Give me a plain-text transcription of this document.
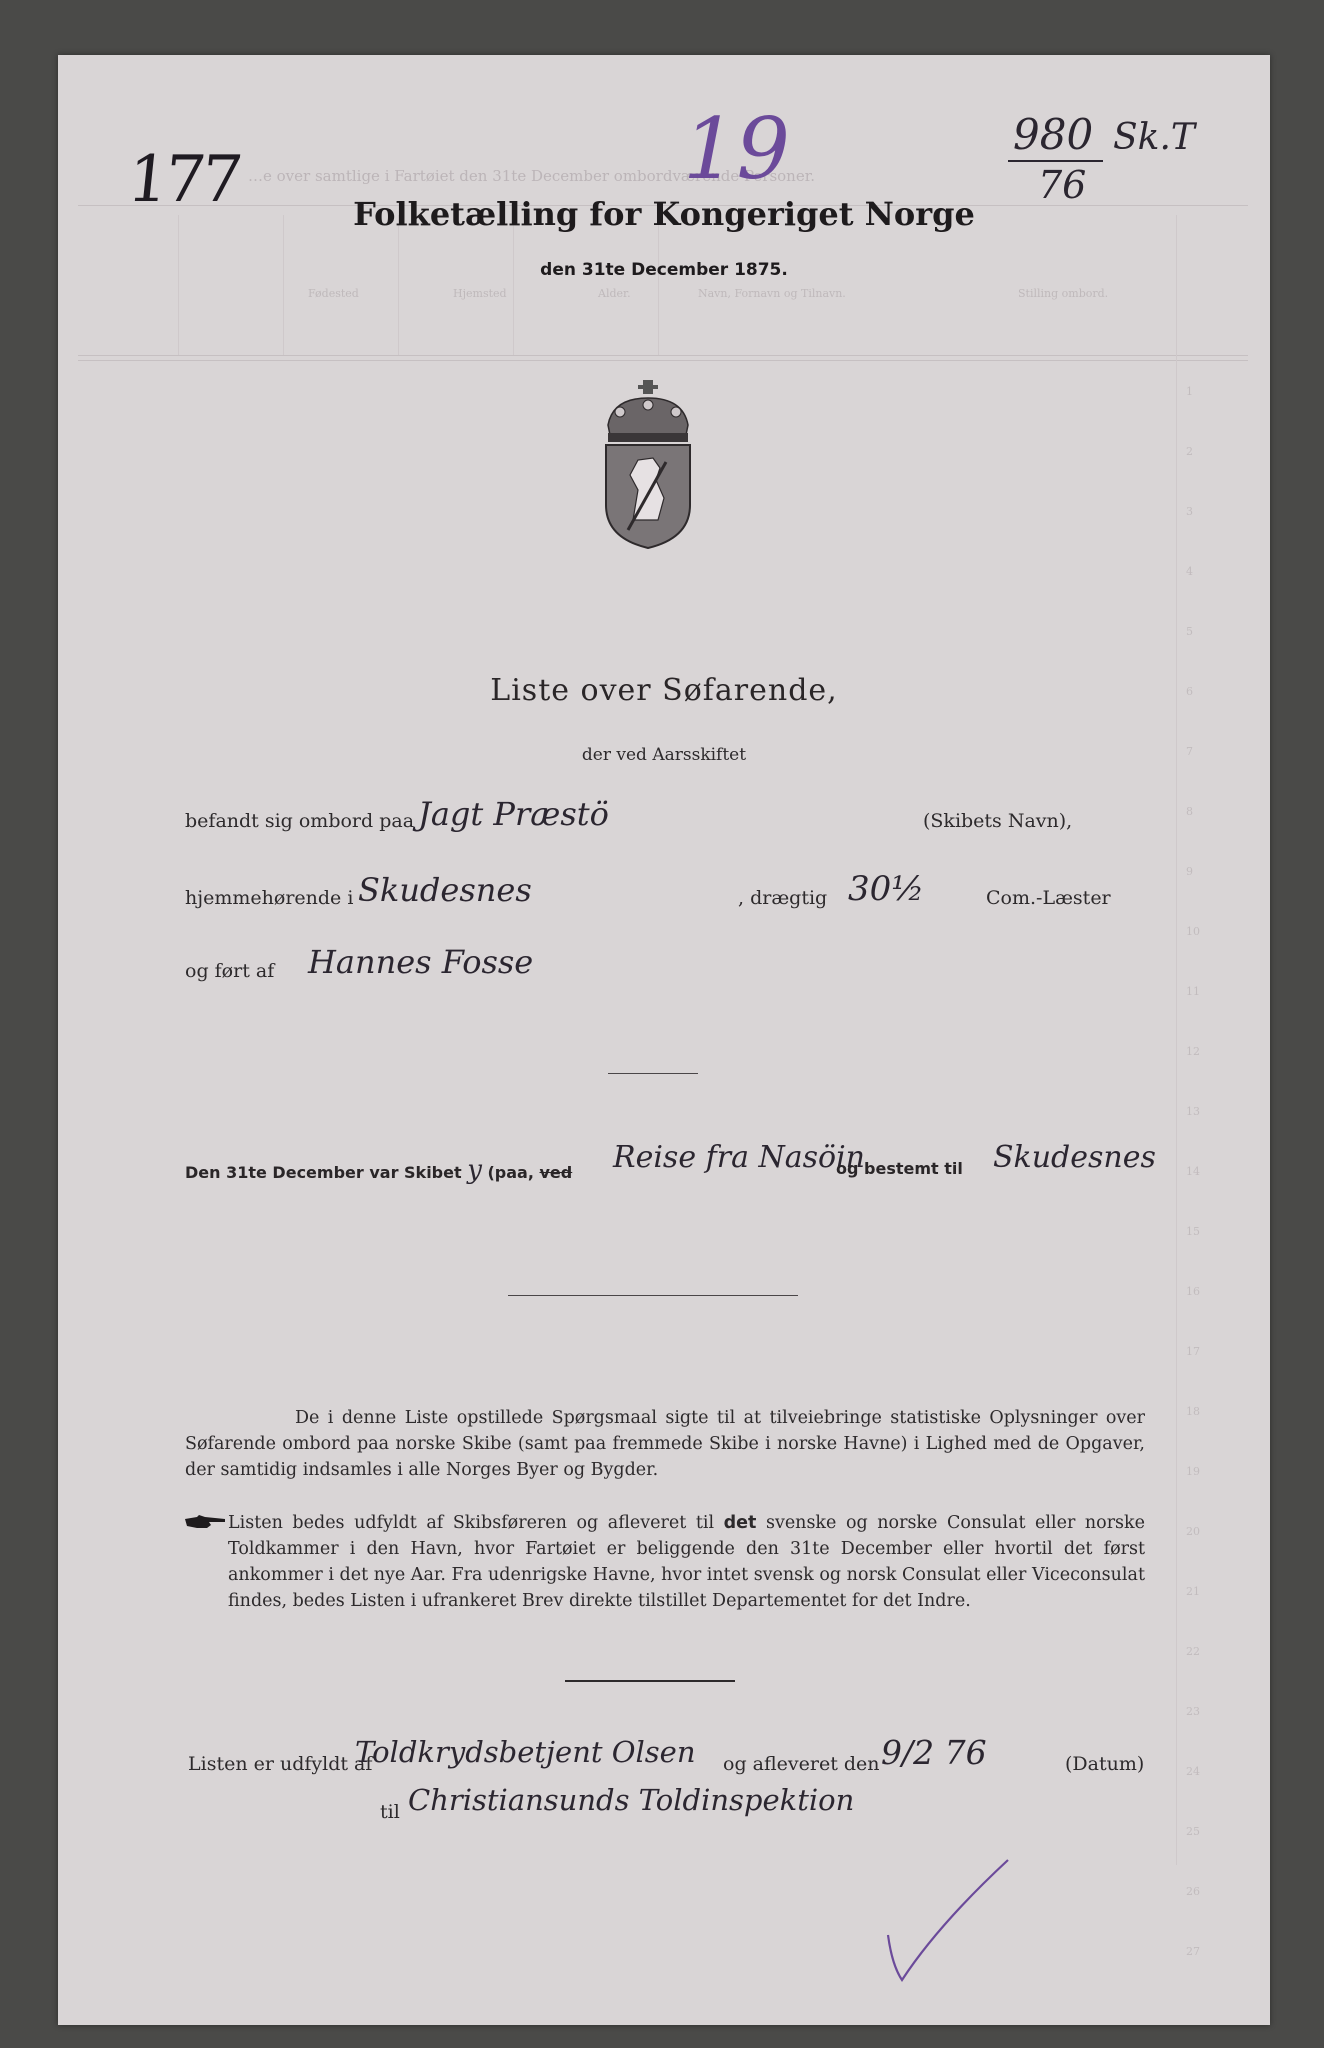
…e over samtlige i Fartøiet den 31te December ombordværende Personer.
Navn, Fornavn og Tilnavn.	Stilling ombord.
Alder.
Hjemsted
Fødested
1
2
3
4
5
6
7
8
9
10
11
12
13
14
15
16
17
18
19
20
21
22
23
24
25
26
27
177	19	980
76
Sk.T
Folketælling for Kongeriget Norge
den 31te December 1875.
Liste over Søfarende,
der ved Aarsskiftet
befandt sig ombord paa Jagt Præstö	(Skibets Navn),
hjemmehørende i Skudesnes	, drægtig 30½	Com.-Læster
og ført af Hannes Fosse
Den 31te December var Skibet y (paa, ved Reise fra Nasöin
og bestemt til Skudesnes
De i denne Liste opstillede Spørgsmaal sigte til at tilveiebringe statistiske Oplysninger over Søfarende ombord paa norske Skibe (samt paa fremmede Skibe i norske Havne) i Lighed med de Opgaver, der samtidig indsamles i alle Norges Byer og Bygder.
Listen bedes udfyldt af Skibsføreren og afleveret til det svenske og norske Consulat eller norske Toldkammer i den Havn, hvor Fartøiet er beliggende den 31te December eller hvortil det først ankommer i det nye Aar. Fra udenrigske Havne, hvor intet svensk og norsk Consulat eller Viceconsulat findes, bedes Listen i ufrankeret Brev direkte tilstillet Departementet for det Indre.
Listen er udfyldt af
Toldkrydsbetjent Olsen og afleveret den 9/2 76	(Datum)
til Christiansunds Toldinspektion
